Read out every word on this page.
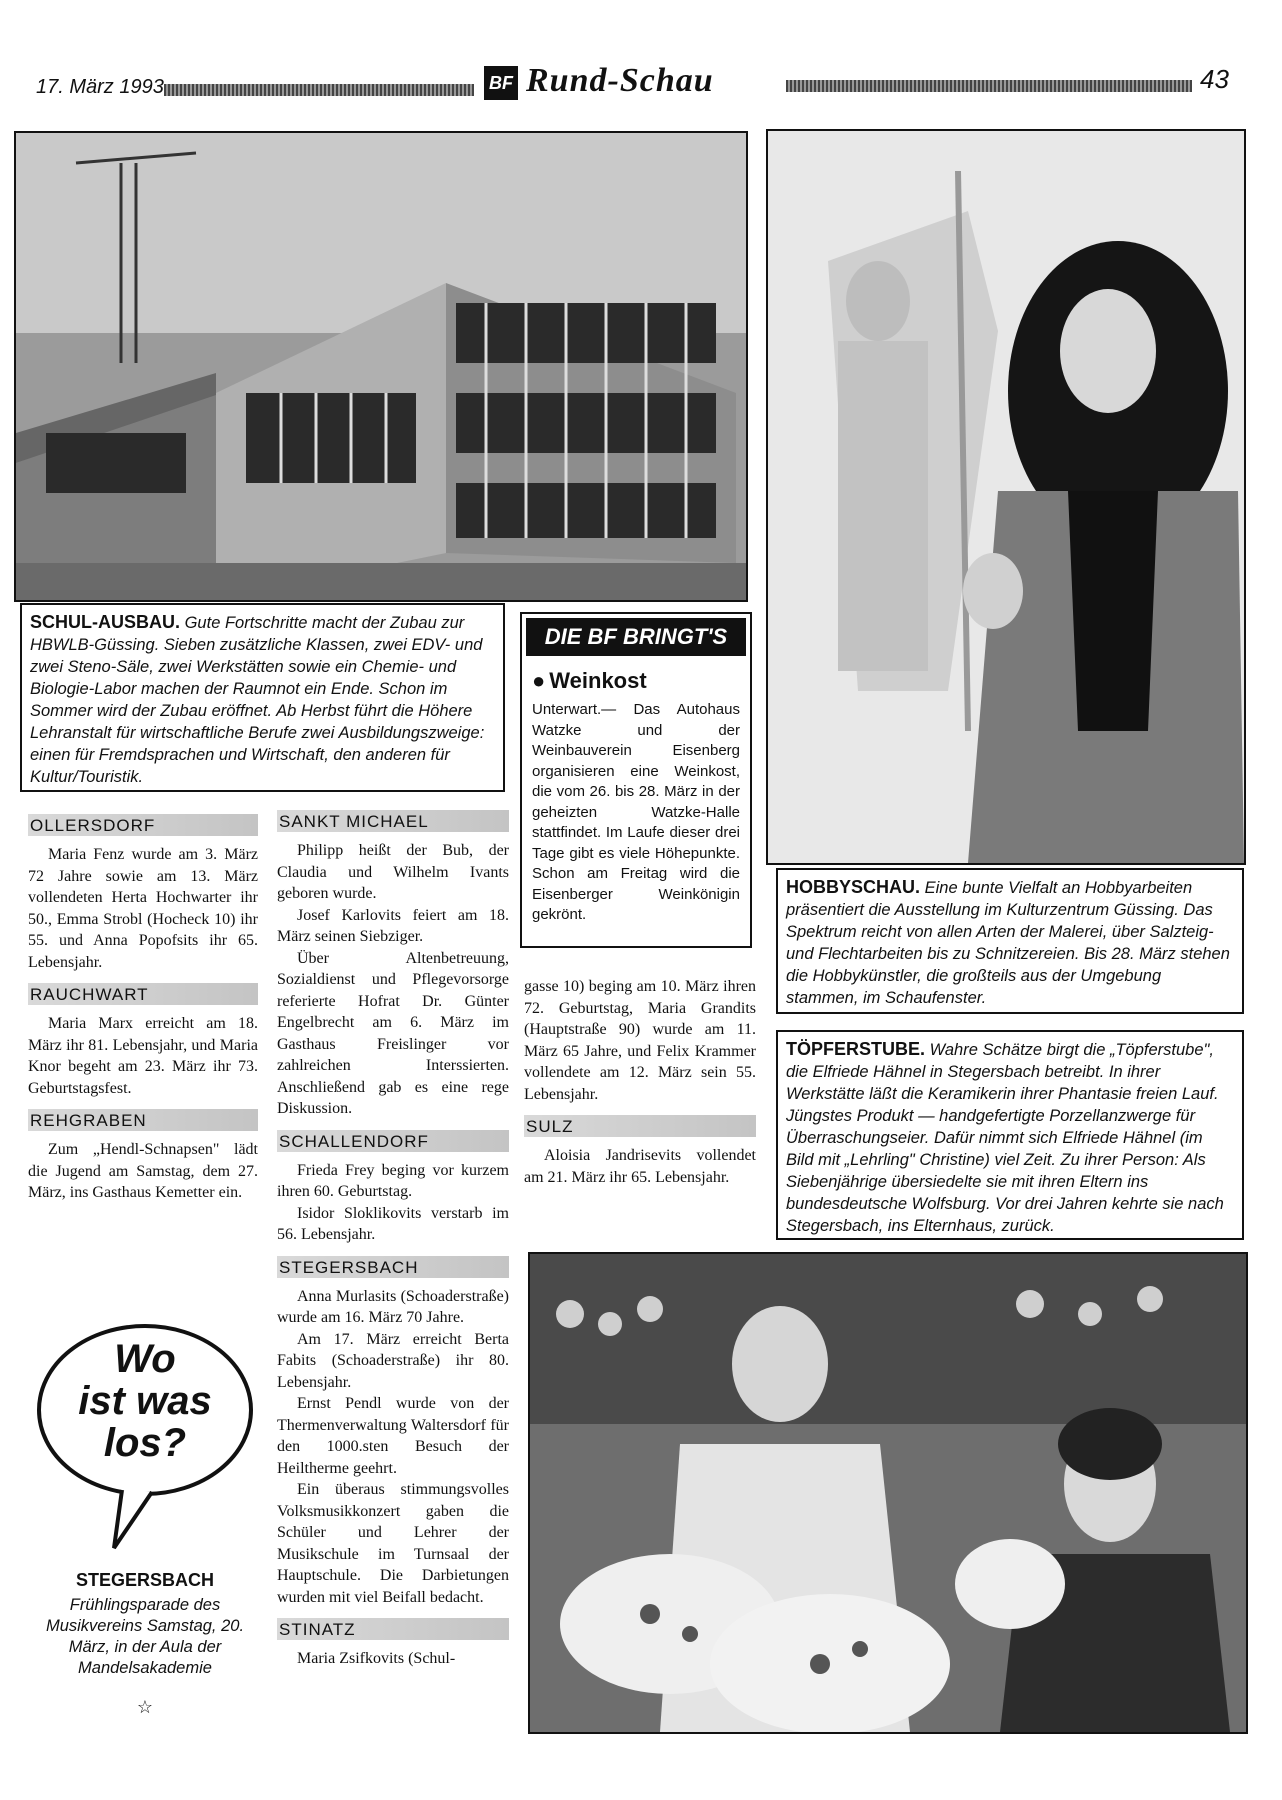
17. März 1993	BF Rund-Schau	43
SCHUL-AUSBAU. Gute Fortschritte macht der Zubau zur HBWLB-Güssing. Sieben zusätzliche Klassen, zwei EDV- und zwei Steno-Säle, zwei Werkstätten sowie ein Chemie- und Biologie-Labor machen der Raumnot ein Ende. Schon im Sommer wird der Zubau eröffnet. Ab Herbst führt die Höhere Lehranstalt für wirtschaftliche Berufe zwei Ausbildungszweige: einen für Fremdsprachen und Wirtschaft, den anderen für Kultur/Touristik.
DIE BF BRINGT'S
● Weinkost
Unterwart.— Das Autohaus Watzke und der Weinbauverein Eisenberg organisieren eine Weinkost, die vom 26. bis 28. März in der geheizten Watzke-Halle stattfindet. Im Laufe dieser drei Tage gibt es viele Höhepunkte. Schon am Freitag wird die Eisenberger Weinkönigin gekrönt.
HOBBYSCHAU. Eine bunte Vielfalt an Hobbyarbeiten präsentiert die Ausstellung im Kulturzentrum Güssing. Das Spektrum reicht von allen Arten der Malerei, über Salzteig- und Flechtarbeiten bis zu Schnitzereien. Bis 28. März stehen die Hobbykünstler, die großteils aus der Umgebung stammen, im Schaufenster.
TÖPFERSTUBE. Wahre Schätze birgt die „Töpferstube", die Elfriede Hähnel in Stegersbach betreibt. In ihrer Werkstätte läßt die Keramikerin ihrer Phantasie freien Lauf. Jüngstes Produkt — handgefertigte Porzellanzwerge für Überraschungseier. Dafür nimmt sich Elfriede Hähnel (im Bild mit „Lehrling" Christine) viel Zeit. Zu ihrer Person: Als Siebenjährige übersiedelte sie mit ihren Eltern ins bundesdeutsche Wolfsburg. Vor drei Jahren kehrte sie nach Stegersbach, ins Elternhaus, zurück.
OLLERSDORF
Maria Fenz wurde am 3. März 72 Jahre sowie am 13. März vollendeten Herta Hochwarter ihr 50., Emma Strobl (Hocheck 10) ihr 55. und Anna Popofsits ihr 65. Lebensjahr.
RAUCHWART
Maria Marx erreicht am 18. März ihr 81. Lebensjahr, und Maria Knor begeht am 23. März ihr 73. Geburtstagsfest.
REHGRABEN
Zum „Hendl-Schnapsen" lädt die Jugend am Samstag, dem 27. März, ins Gasthaus Kemetter ein.
Wo
ist was
los?
STEGERSBACH
Frühlingsparade des Musikvereins Samstag, 20. März, in der Aula der Mandelsakademie
☆
SANKT MICHAEL
Philipp heißt der Bub, der Claudia und Wilhelm Ivants geboren wurde.
Josef Karlovits feiert am 18. März seinen Siebziger.
Über Altenbetreuung, Sozialdienst und Pflegevorsorge referierte Hofrat Dr. Günter Engelbrecht am 6. März im Gasthaus Freislinger vor zahlreichen Interssierten. Anschließend gab es eine rege Diskussion.
SCHALLENDORF
Frieda Frey beging vor kurzem ihren 60. Geburtstag.
Isidor Sloklikovits verstarb im 56. Lebensjahr.
STEGERSBACH
Anna Murlasits (Schoaderstraße) wurde am 16. März 70 Jahre.
Am 17. März erreicht Berta Fabits (Schoaderstraße) ihr 80. Lebensjahr.
Ernst Pendl wurde von der Thermenverwaltung Waltersdorf für den 1000.sten Besuch der Heiltherme geehrt.
Ein überaus stimmungsvolles Volksmusikkonzert gaben die Schüler und Lehrer der Musikschule im Turnsaal der Hauptschule. Die Darbietungen wurden mit viel Beifall bedacht.
STINATZ
Maria Zsifkovits (Schul-
gasse 10) beging am 10. März ihren 72. Geburtstag, Maria Grandits (Hauptstraße 90) wurde am 11. März 65 Jahre, und Felix Krammer vollendete am 12. März sein 55. Lebensjahr.
SULZ
Aloisia Jandrisevits vollendet am 21. März ihr 65. Lebensjahr.
